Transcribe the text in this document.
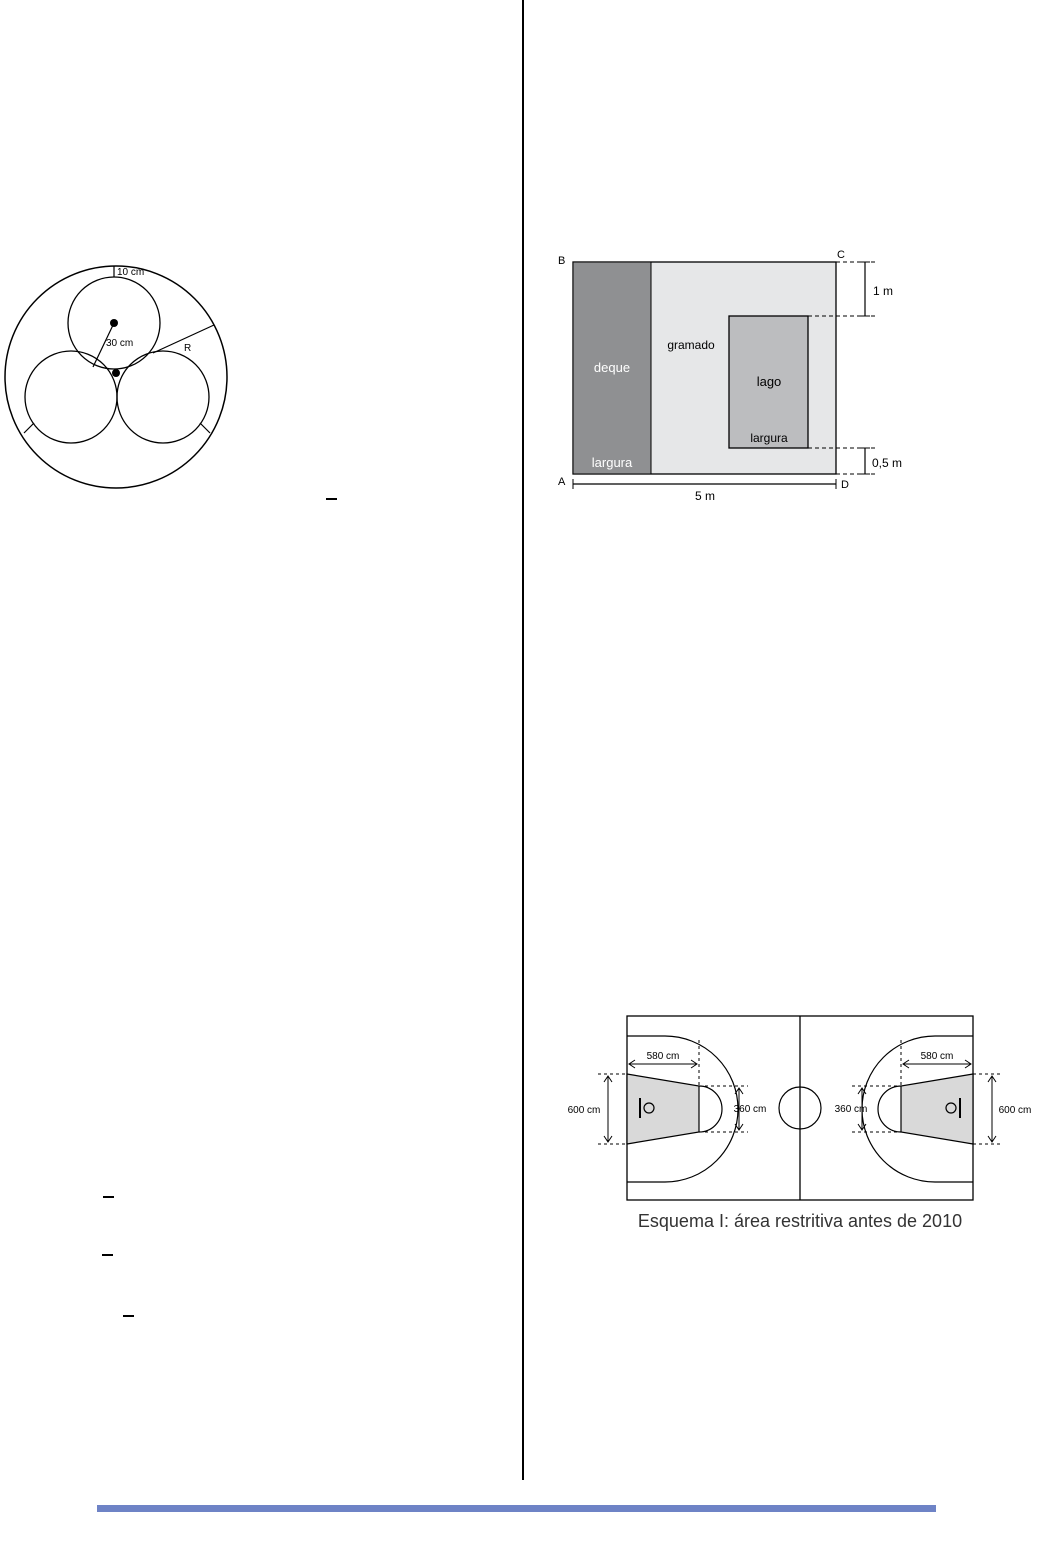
10 cm
30 cm	R
B	C
A	D
deque
largura
gramado
lago
largura
1 m
0,5 m
5 m
580 cm
600 cm	360 cm
580 cm
600 cm
360 cm
Esquema I: área restritiva antes de 2010
